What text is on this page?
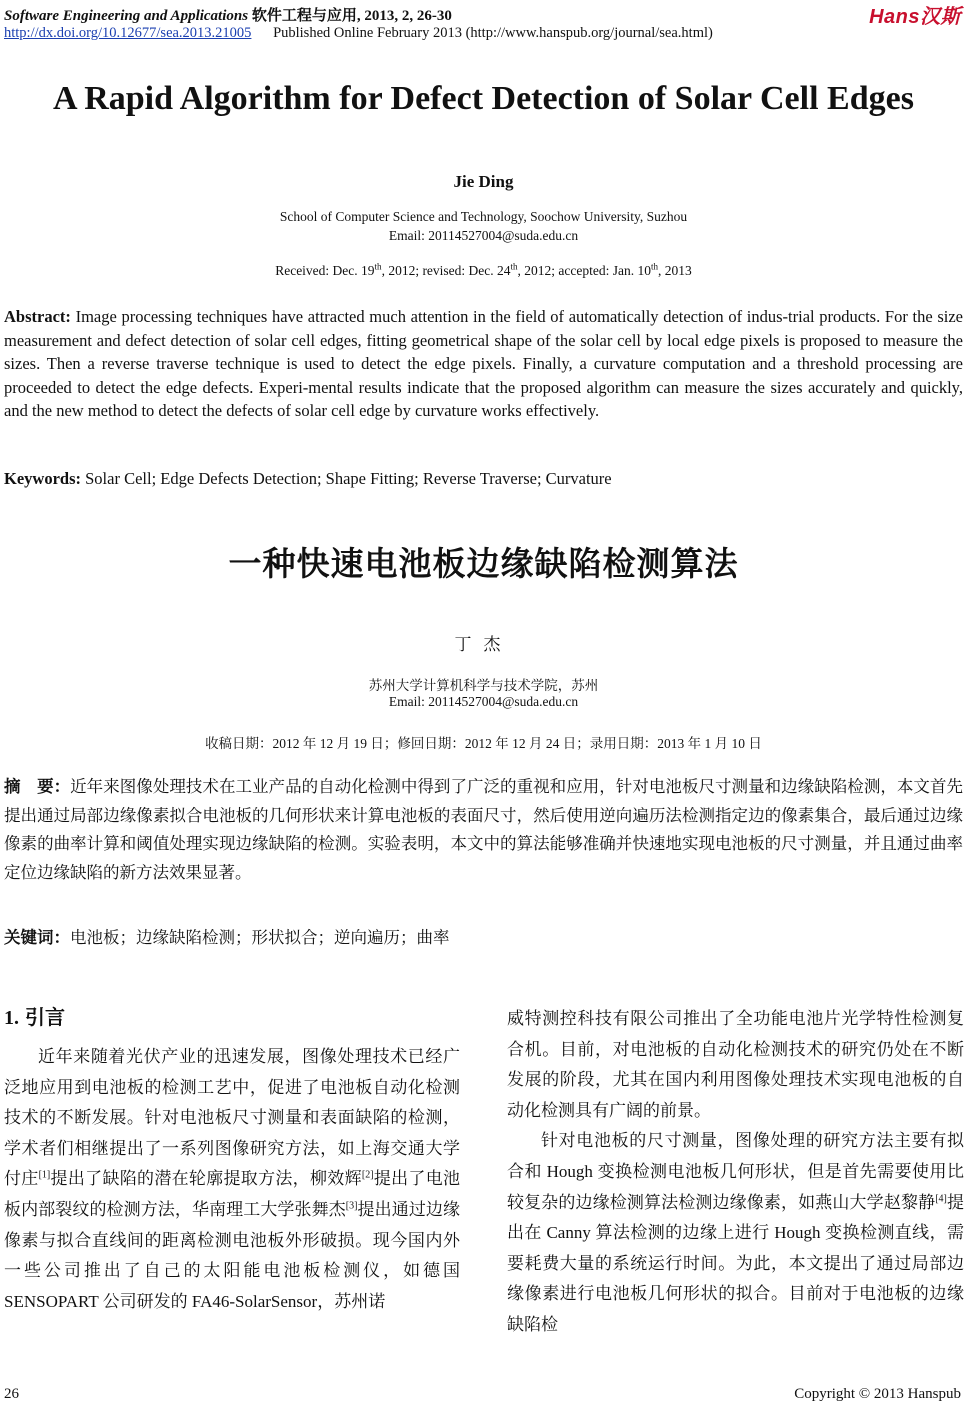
Software Engineering and Applications 软件工程与应用, 2013, 2, 26-30	Hans汉斯
http://dx.doi.org/10.12677/sea.2013.21005 Published Online February 2013 (http://www.hanspub.org/journal/sea.html)
A Rapid Algorithm for Defect Detection of Solar Cell Edges
Jie Ding
School of Computer Science and Technology, Soochow University, Suzhou
Email: 20114527004@suda.edu.cn
Received: Dec. 19th, 2012; revised: Dec. 24th, 2012; accepted: Jan. 10th, 2013
Abstract: Image processing techniques have attracted much attention in the field of automatically detection of indus-trial products. For the size measurement and defect detection of solar cell edges, fitting geometrical shape of the solar cell by local edge pixels is proposed to measure the sizes. Then a reverse traverse technique is used to detect the edge pixels. Finally, a curvature computation and a threshold processing are proceeded to detect the edge defects. Experi-mental results indicate that the proposed algorithm can measure the sizes accurately and quickly, and the new method to detect the defects of solar cell edge by curvature works effectively.
Keywords: Solar Cell; Edge Defects Detection; Shape Fitting; Reverse Traverse; Curvature
一种快速电池板边缘缺陷检测算法
丁杰
苏州大学计算机科学与技术学院，苏州
Email: 20114527004@suda.edu.cn
收稿日期：2012 年 12 月 19 日；修回日期：2012 年 12 月 24 日；录用日期：2013 年 1 月 10 日
摘　要：近年来图像处理技术在工业产品的自动化检测中得到了广泛的重视和应用，针对电池板尺寸测量和边缘缺陷检测，本文首先提出通过局部边缘像素拟合电池板的几何形状来计算电池板的表面尺寸，然后使用逆向遍历法检测指定边的像素集合，最后通过边缘像素的曲率计算和阈值处理实现边缘缺陷的检测。实验表明，本文中的算法能够准确并快速地实现电池板的尺寸测量，并且通过曲率定位边缘缺陷的新方法效果显著。
关键词：电池板；边缘缺陷检测；形状拟合；逆向遍历；曲率
1. 引言

近年来随着光伏产业的迅速发展，图像处理技术已经广泛地应用到电池板的检测工艺中，促进了电池板自动化检测技术的不断发展。针对电池板尺寸测量和表面缺陷的检测，学术者们相继提出了一系列图像研究方法，如上海交通大学付庄[1]提出了缺陷的潜在轮廓提取方法，柳效辉[2]提出了电池板内部裂纹的检测方法，华南理工大学张舞杰[3]提出通过边缘像素与拟合直线间的距离检测电池板外形破损。现今国内外一些公司推出了自己的太阳能电池板检测仪，如德国 SENSOPART 公司研发的 FA46-SolarSensor，苏州诺

威特测控科技有限公司推出了全功能电池片光学特性检测复合机。目前，对电池板的自动化检测技术的研究仍处在不断发展的阶段，尤其在国内利用图像处理技术实现电池板的自动化检测具有广阔的前景。

针对电池板的尺寸测量，图像处理的研究方法主要有拟合和 Hough 变换检测电池板几何形状，但是首先需要使用比较复杂的边缘检测算法检测边缘像素，如燕山大学赵黎静[4]提出在 Canny 算法检测的边缘上进行 Hough 变换检测直线，需要耗费大量的系统运行时间。为此，本文提出了通过局部边缘像素进行电池板几何形状的拟合。目前对于电池板的边缘缺陷检

26	Copyright © 2013 Hanspub
